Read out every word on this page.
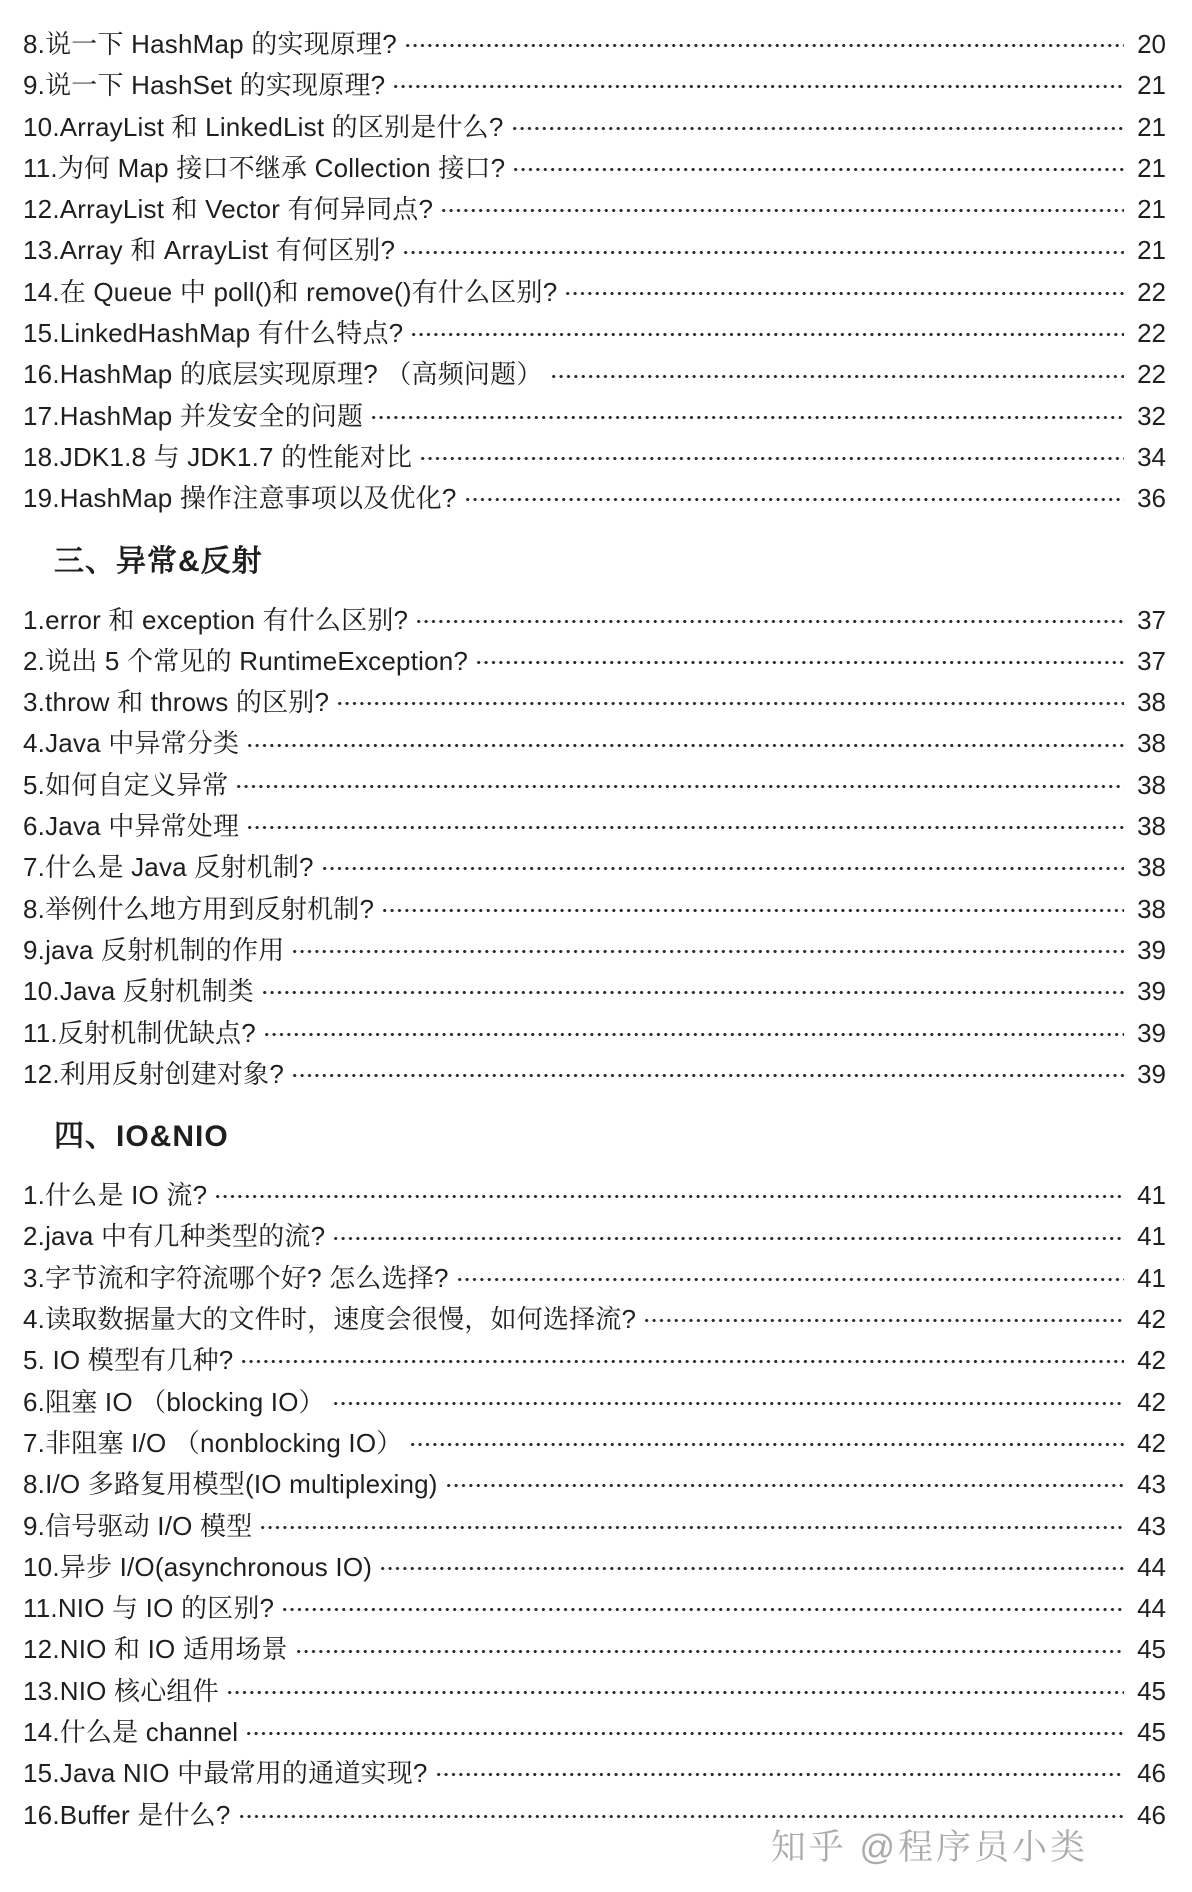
8.说一下 HashMap 的实现原理?	20
9.说一下 HashSet 的实现原理?	21
10.ArrayList 和 LinkedList 的区别是什么?	21
11.为何 Map 接口不继承 Collection 接口?	21
12.ArrayList 和 Vector 有何异同点?	21
13.Array 和 ArrayList 有何区别?	21
14.在 Queue 中 poll()和 remove()有什么区别?	22
15.LinkedHashMap 有什么特点?	22
16.HashMap 的底层实现原理? （高频问题）	22
17.HashMap 并发安全的问题	32
18.JDK1.8 与 JDK1.7 的性能对比	34
19.HashMap 操作注意事项以及优化?	36
三、异常&反射
1.error 和 exception 有什么区别?	37
2.说出 5 个常见的 RuntimeException?	37
3.throw 和 throws 的区别?	38
4.Java 中异常分类	38
5.如何自定义异常	38
6.Java 中异常处理	38
7.什么是 Java 反射机制?	38
8.举例什么地方用到反射机制?	38
9.java 反射机制的作用	39
10.Java 反射机制类	39
11.反射机制优缺点?	39
12.利用反射创建对象?	39
四、IO&NIO
1.什么是 IO 流?	41
2.java 中有几种类型的流?	41
3.字节流和字符流哪个好? 怎么选择?	41
4.读取数据量大的文件时，速度会很慢，如何选择流?	42
5. IO 模型有几种?	42
6.阻塞 IO （blocking IO）	42
7.非阻塞 I/O （nonblocking IO）	42
8.I/O 多路复用模型(IO multiplexing)	43
9.信号驱动 I/O 模型	43
10.异步 I/O(asynchronous IO)	44
11.NIO 与 IO 的区别?	44
12.NIO 和 IO 适用场景	45
13.NIO 核心组件	45
14.什么是 channel	45
15.Java NIO 中最常用的通道实现?	46
16.Buffer 是什么?	46
知乎 @程序员小类
